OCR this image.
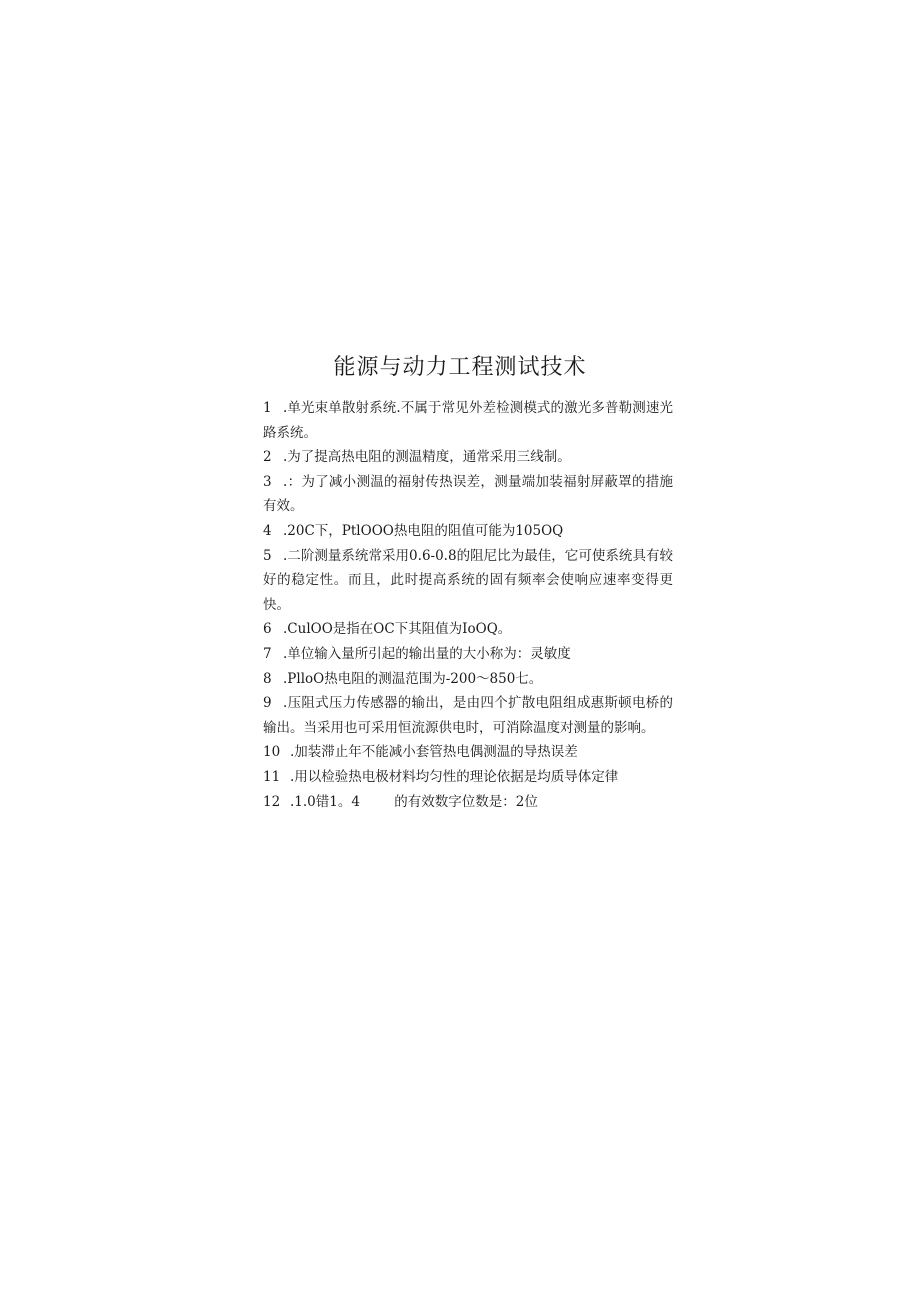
能源与动力工程测试技术
1 .单光束单散射系统.不属于常见外差检测模式的激光多普勒测速光路系统。
2 .为了提高热电阻的测温精度，通常采用三线制。
3 .：为了减小测温的福射传热误差，测量端加装福射屏蔽罩的措施有效。
4 .20C下，PtlOOO热电阻的阻值可能为105OQ
5 .二阶测量系统常采用0.6-0.8的阻尼比为最佳，它可使系统具有较好的稳定性。而且，此时提高系统的固有频率会使响应速率变得更快。
6 .CulOO是指在OC下其阻值为IoOQ。
7 .单位输入量所引起的输出量的大小称为：灵敏度
8 .PlloO热电阻的测温范围为-200～850七。
9 .压阻式压力传感器的输出，是由四个扩散电阻组成惠斯顿电桥的输出。当采用也可采用恒流源供电时，可消除温度对测量的影响。
10 .加装滞止年不能减小套管热电偶测温的导热误差
11 .用以检验热电极材料均匀性的理论依据是均质导体定律
12 .1.0错1。4        的有效数字位数是：2位
